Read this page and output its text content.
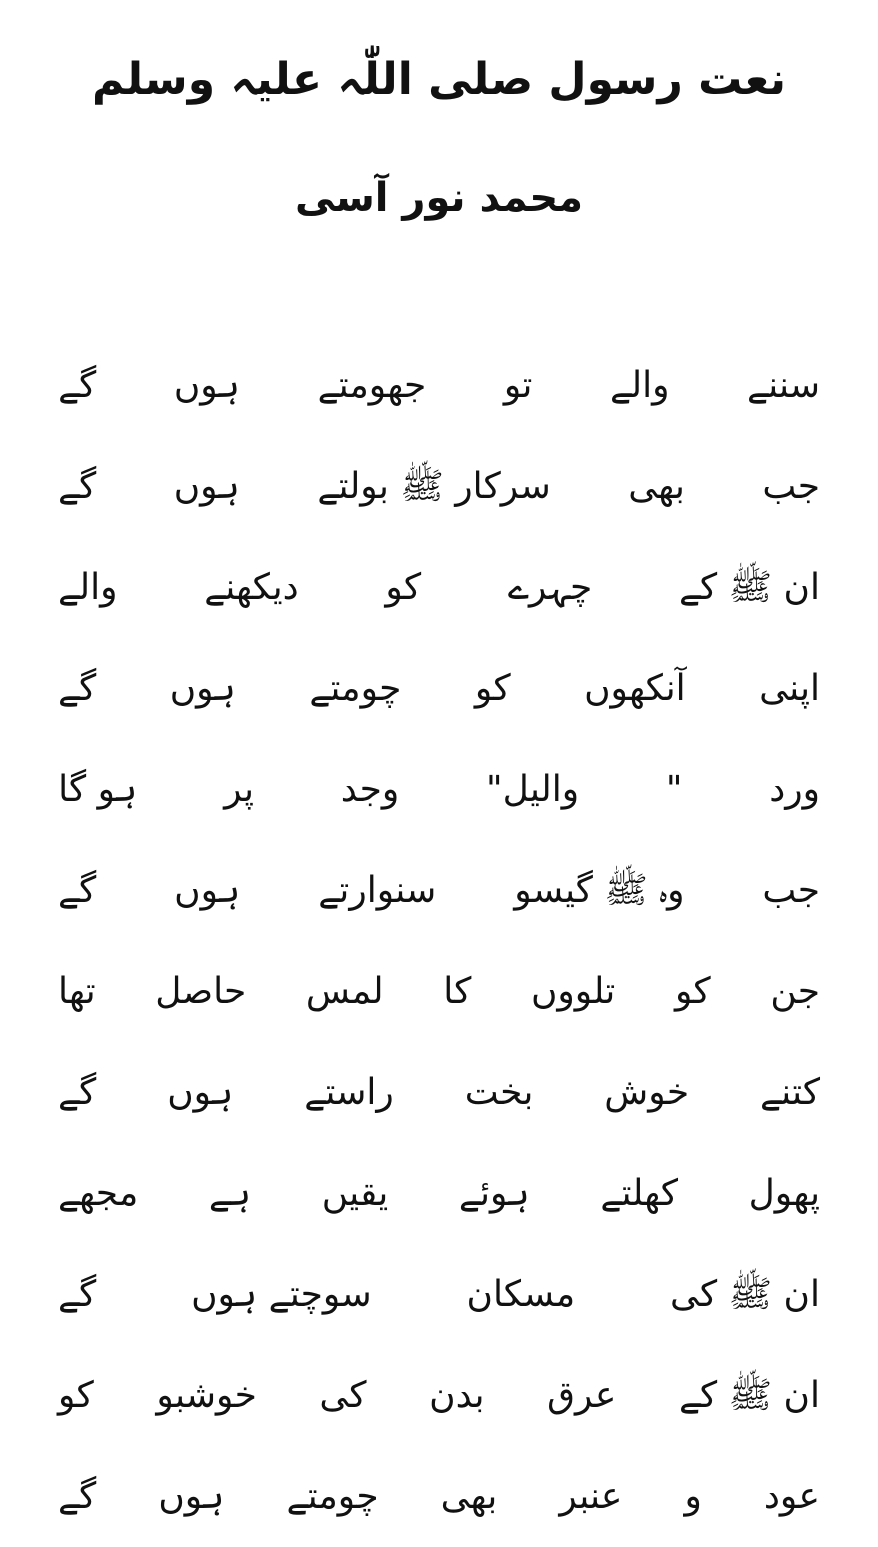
نعت رسول صلی اللّٰہ علیہ وسلم
محمد نور آسی
سننے
والے
تو
جھومتے
ہوں
گے
جب
بھی
سرکار ﷺ بولتے
ہوں
گے
ان ﷺ کے
چہرے
کو
دیکھنے
والے
اپنی
آنکھوں
کو
چومتے
ہوں
گے
ورد
"
والیل"
وجد
پر
ہو گا
جب
وہ ﷺ گیسو
سنوارتے
ہوں
گے
جن
کو
تلووں
کا
لمس
حاصل
تھا
کتنے
خوش
بخت
راستے
ہوں
گے
پھول
کھلتے
ہوئے
یقیں
ہے
مجھے
ان ﷺ کی
مسکان
سوچتے ہوں
گے
ان ﷺ کے
عرق
بدن
کی
خوشبو
کو
عود
و
عنبر
بھی
چومتے
ہوں
گے
